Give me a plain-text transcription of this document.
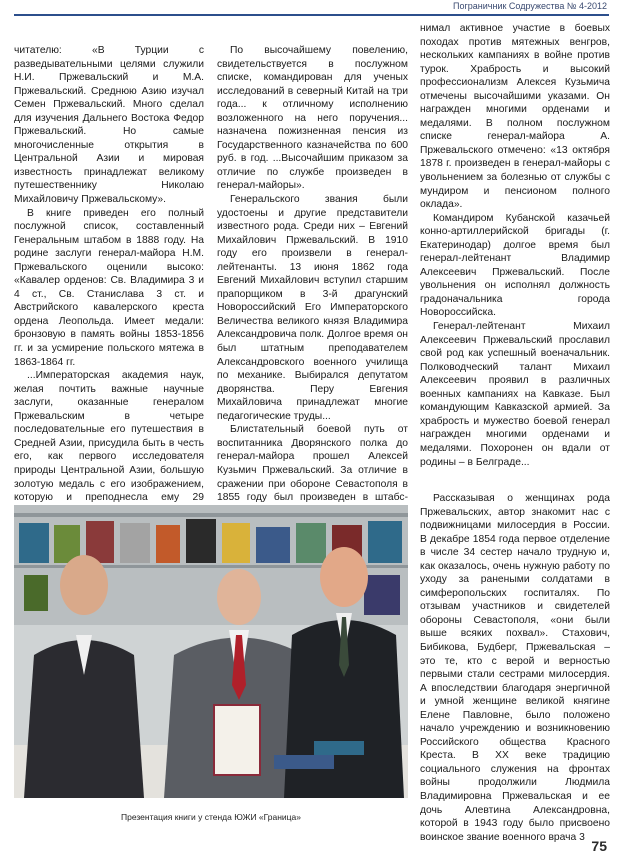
Пограничник Содружества № 4-2012

читателю: «В Турции с разведывательными целями служили Н.И. Пржевальский и М.А. Пржевальский. Среднюю Азию изучал Семен Пржевальский. Много сделал для изучения Дальнего Востока Федор Пржевальский. Но самые многочисленные открытия в Центральной Азии и мировая известность принадлежат великому путешественнику Николаю Михайловичу Пржевальскому».

В книге приведен его полный послужной список, составленный Генеральным штабом в 1888 году. На родине заслуги генерал-майора Н.М. Пржевальского оценили высоко: «Кавалер орденов: Св. Владимира 3 и 4 ст., Св. Станислава 3 ст. и Австрийского кавалерского креста ордена Леопольда. Имеет медали: бронзовую в память войны 1853-1856 гг. и за усмирение польского мятежа в 1863-1864 гг.

...Императорская академия наук, желая почтить важные научные заслуги, оказанные генералом Пржевальским в четыре последовательные его путешествия в Средней Азии, присудила быть в честь его, как первого исследователя природы Центральной Азии, большую золотую медаль с его изображением, которую и преподнесла ему 29

По высочайшему повелению, свидетельствуется в послужном списке, командирован для ученых исследований в северный Китай на три года... к отличному исполнению возложенного на него поручения... назначена пожизненная пенсия из Государственного казначейства по 600 руб. в год. ...Высочайшим приказом за отличие по службе произведен в генерал-майоры».

Генеральского звания были удостоены и другие представители известного рода. Среди них – Евгений Михайлович Пржевальский. В 1910 году его произвели в генерал-лейтенанты. 13 июня 1862 года Евгений Михайлович вступил старшим прапорщиком в 3-й драгунский Новороссийский Его Императорского Величества великого князя Владимира Александровича полк. Долгое время он был штатным преподавателем Александровского военного училища по механике. Выбирался депутатом дворянства. Перу Евгения Михайловича принадлежат многие педагогические труды...

Блистательный боевой путь от воспитанника Дворянского полка до генерал-майора прошел Алексей Кузьмич Пржевальский. За отличие в сражении при обороне Севастополя в 1855 году был произведен в штабс-

нимал активное участие в боевых походах против мятежных венгров, нескольких кампаниях в войне против турок. Храбрость и высокий профессионализм Алексея Кузьмича отмечены высочайшими указами. Он награжден многими орденами и медалями. В полном послужном списке генерал-майора А. Пржевальского отмечено: «13 октября 1878 г. произведен в генерал-майоры с увольнением за болезнью от службы с мундиром и пенсионом полного оклада».

Командиром Кубанской казачьей конно-артиллерийской бригады (г. Екатеринодар) долгое время был генерал-лейтенант Владимир Алексеевич Пржевальский. После увольнения он исполнял должность градоначальника города Новороссийска.

Генерал-лейтенант Михаил Алексеевич Пржевальский прославил свой род как успешный военачальник. Полководческий талант Михаил Алексеевич проявил в различных военных кампаниях на Кавказе. Был командующим Кавказской армией. За храбрость и мужество боевой генерал награжден многими орденами и медалями. Похоронен он вдали от родины – в Белграде...

Рассказывая о женщинах рода Пржевальских, автор знакомит нас с подвижницами милосердия в России. В декабре 1854 года первое отделение в числе 34 сестер начало трудную и, как оказалось, очень нужную работу по уходу за ранеными солдатами в симферопольских госпиталях. По отзывам участников и свидетелей обороны Севастополя, «они были выше всяких похвал». Стахович, Бибикова, Будберг, Пржевальская – это те, кто с верой и верностью первыми стали сестрами милосердия. А впоследствии благодаря энергичной и умной женщине великой княгине Елене Павловне, было положено начало учреждению и возникновению Российского общества Красного Креста. В XX веке традицию социального служения на фронтах войны продолжили Людмила Владимировна Пржевальская и ее дочь Алевтина Александровна, которой в 1943 году было присвоено воинское звание военного врача 3

Презентация книги у стенда ЮЖИ «Граница»
75
